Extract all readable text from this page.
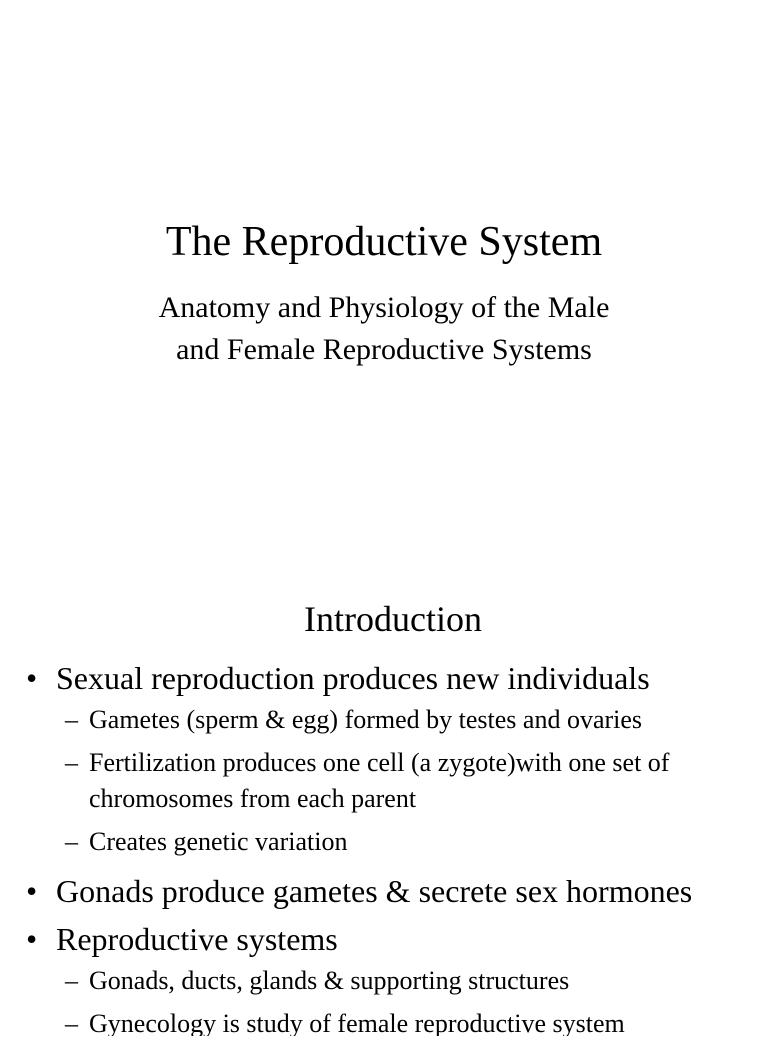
The Reproductive System
Anatomy and Physiology of the Male
and Female Reproductive Systems
Introduction
• Sexual reproduction produces new individuals
– Gametes (sperm & egg) formed by testes and ovaries
– Fertilization produces one cell (a zygote)with one set of
chromosomes from each parent
– Creates genetic variation
• Gonads produce gametes & secrete sex hormones
• Reproductive systems
– Gonads, ducts, glands & supporting structures
– Gynecology is study of female reproductive system
